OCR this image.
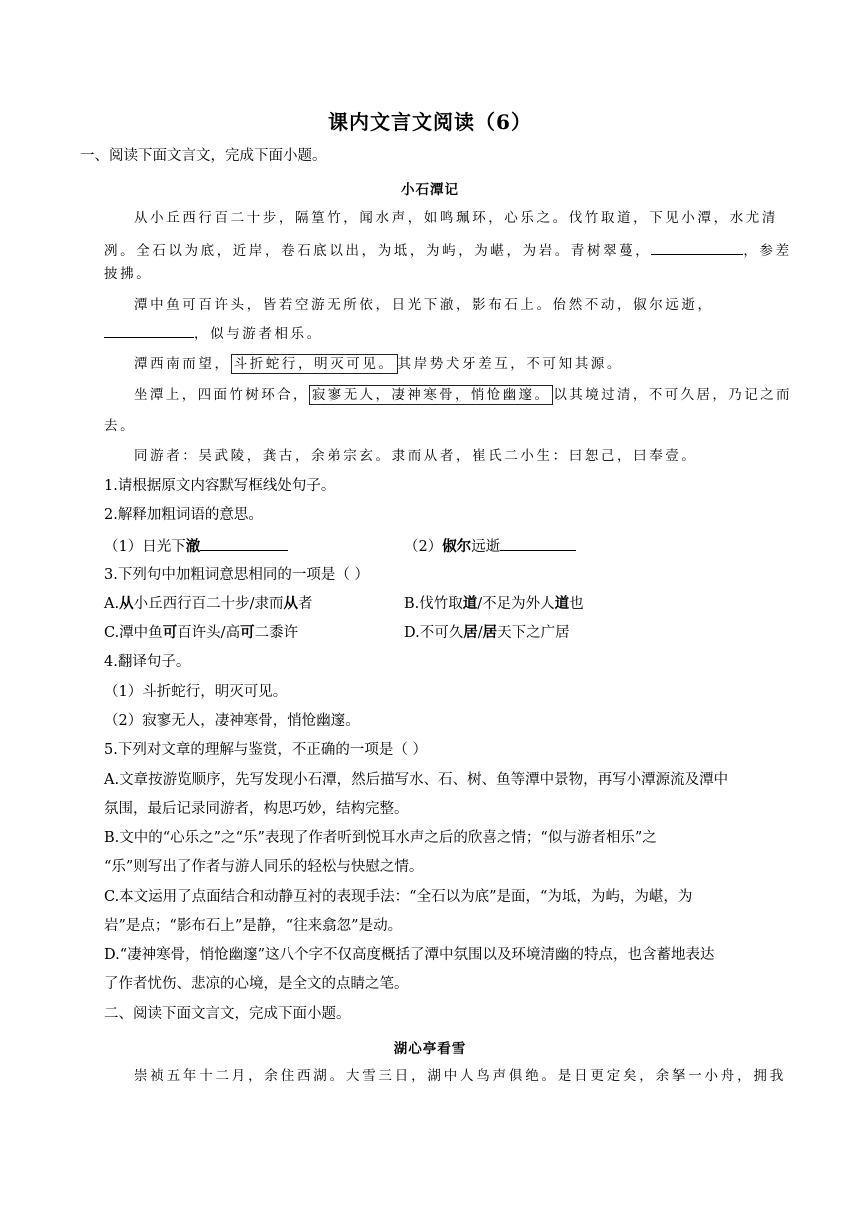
课内文言文阅读（6）
一、阅读下面文言文，完成下面小题。
小石潭记
从小丘西行百二十步，隔篁竹，闻水声，如鸣珮环，心乐之。伐竹取道，下见小潭，水尤清
冽。全石以为底，近岸，卷石底以出，为坻，为屿，为嵁，为岩。青树翠蔓，	，参差
披拂。
潭中鱼可百许头，皆若空游无所依，日光下澈，影布石上。佁然不动，俶尔远逝，
，似与游者相乐。
潭西南而望， 斗折蛇行，明灭可见。 其岸势犬牙差互，不可知其源。
坐潭上，四面竹树环合， 寂寥无人，凄神寒骨，悄怆幽邃。 以其境过清，不可久居，乃记之而
去。
同游者：吴武陵，龚古，余弟宗玄。隶而从者，崔氏二小生：曰恕己，曰奉壹。
1.请根据原文内容默写框线处句子。
2.解释加粗词语的意思。
（1）日光下澈	（2）俶尔远逝
3.下列句中加粗词意思相同的一项是（ ）
A.从小丘西行百二十步/隶而从者	B.伐竹取道/不足为外人道也
C.潭中鱼可百许头/高可二黍许	D.不可久居/居天下之广居
4.翻译句子。
（1）斗折蛇行，明灭可见。
（2）寂寥无人，凄神寒骨，悄怆幽邃。
5.下列对文章的理解与鉴赏，不正确的一项是（ ）
A.文章按游览顺序，先写发现小石潭，然后描写水、石、树、鱼等潭中景物，再写小潭源流及潭中
氛围，最后记录同游者，构思巧妙，结构完整。
B.文中的“心乐之”之“乐”表现了作者听到悦耳水声之后的欣喜之情；“似与游者相乐”之
“乐”则写出了作者与游人同乐的轻松与快慰之情。
C.本文运用了点面结合和动静互衬的表现手法：“全石以为底”是面，“为坻，为屿，为嵁，为
岩”是点；“影布石上”是静，“往来翕忽”是动。
D.“凄神寒骨，悄怆幽邃”这八个字不仅高度概括了潭中氛围以及环境清幽的特点，也含蓄地表达
了作者忧伤、悲凉的心境，是全文的点睛之笔。
二、阅读下面文言文，完成下面小题。
湖心亭看雪
崇祯五年十二月，余住西湖。大雪三日，湖中人鸟声俱绝。是日更定矣，余拏一小舟，拥我
